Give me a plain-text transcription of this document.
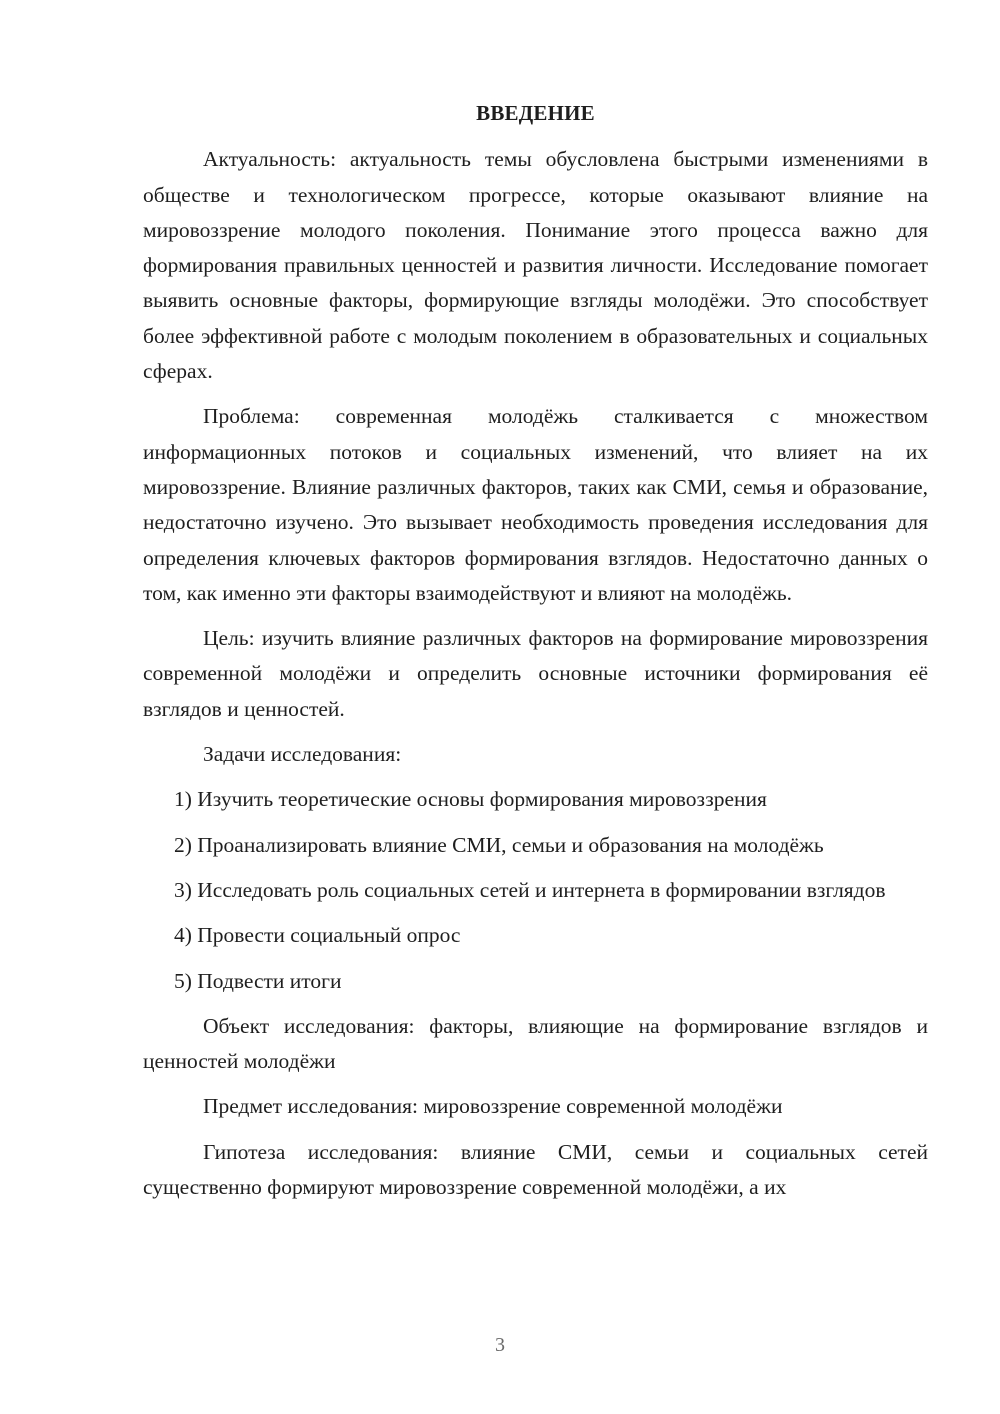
ВВЕДЕНИЕ

Актуальность: актуальность темы обусловлена быстрыми изменениями в обществе и технологическом прогрессе, которые оказывают влияние на мировоззрение молодого поколения. Понимание этого процесса важно для формирования правильных ценностей и развития личности. Исследование помогает выявить основные факторы, формирующие взгляды молодёжи. Это способствует более эффективной работе с молодым поколением в образовательных и социальных сферах.

Проблема: современная молодёжь сталкивается с множеством информационных потоков и социальных изменений, что влияет на их мировоззрение. Влияние различных факторов, таких как СМИ, семья и образование, недостаточно изучено. Это вызывает необходимость проведения исследования для определения ключевых факторов формирования взглядов. Недостаточно данных о том, как именно эти факторы взаимодействуют и влияют на молодёжь.

Цель: изучить влияние различных факторов на формирование мировоззрения современной молодёжи и определить основные источники формирования её взглядов и ценностей.

Задачи исследования:

1) Изучить теоретические основы формирования мировоззрения

2) Проанализировать влияние СМИ, семьи и образования на молодёжь

3) Исследовать роль социальных сетей и интернета в формировании взглядов

4) Провести социальный опрос

5) Подвести итоги

Объект исследования: факторы, влияющие на формирование взглядов и ценностей молодёжи

Предмет исследования: мировоззрение современной молодёжи

Гипотеза исследования: влияние СМИ, семьи и социальных сетей существенно формируют мировоззрение современной молодёжи, а их

3
